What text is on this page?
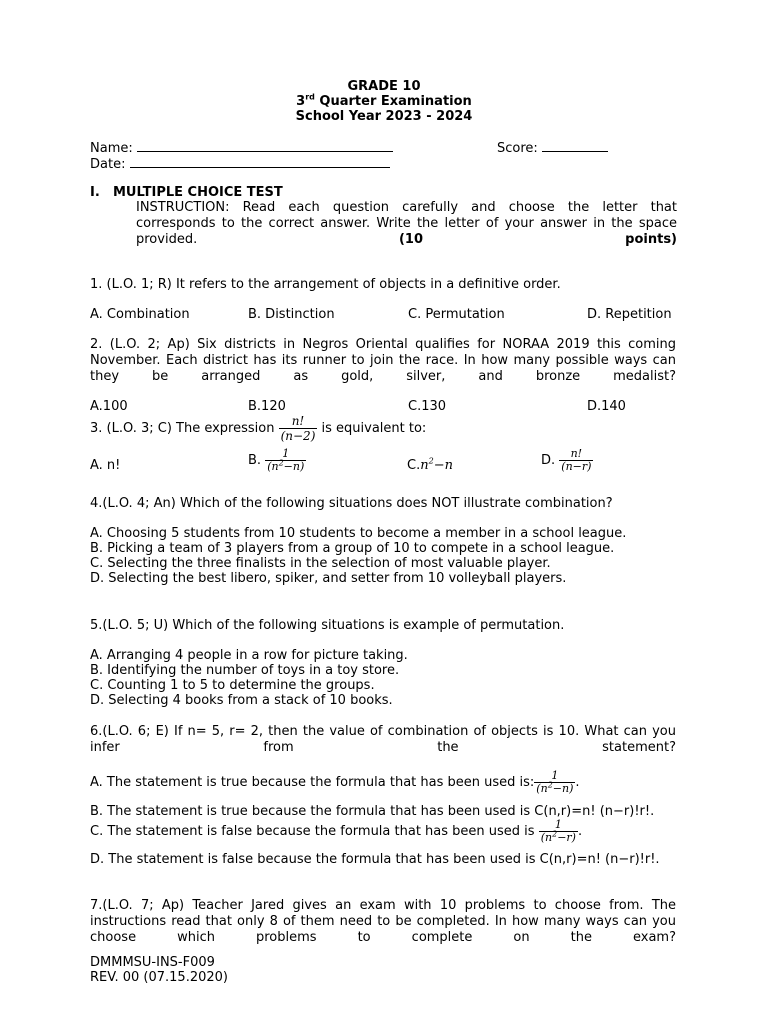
GRADE 10
3rd Quarter Examination
School Year 2023 - 2024
Name:	Score:
Date:
I. MULTIPLE CHOICE TEST
INSTRUCTION: Read each question carefully and choose the letter that corresponds to the correct answer. Write the letter of your answer in the space provided. (10 points)
1. (L.O. 1; R) It refers to the arrangement of objects in a definitive order.
A. Combination	B. Distinction	C. Permutation	D. Repetition
2. (L.O. 2; Ap) Six districts in Negros Oriental qualifies for NORAA 2019 this coming November. Each district has its runner to join the race. In how many possible ways can they be arranged as gold, silver, and bronze medalist?
A.100	B.120	C.130	D.140
3. (L.O. 3; C) The expression $\frac{n!}{(n-2)}$ is equivalent to:
A. n!	B. $\frac{1}{(n^2-n)}$	$C.n^2-n$	D. $\frac{n!}{(n-r)}$
4.(L.O. 4; An) Which of the following situations does NOT illustrate combination?
A. Choosing 5 students from 10 students to become a member in a school league.
B. Picking a team of 3 players from a group of 10 to compete in a school league.
C. Selecting the three finalists in the selection of most valuable player.
D. Selecting the best libero, spiker, and setter from 10 volleyball players.
5.(L.O. 5; U) Which of the following situations is example of permutation.
A. Arranging 4 people in a row for picture taking.
B. Identifying the number of toys in a toy store.
C. Counting 1 to 5 to determine the groups.
D. Selecting 4 books from a stack of 10 books.
6.(L.O. 6; E) If n= 5, r= 2, then the value of combination of objects is 10. What can you infer from the statement?
A. The statement is true because the formula that has been used is: $\frac{1}{(n^2-n)}$ .
B. The statement is true because the formula that has been used is C(n,r)=n! (n−r)!r!.
C. The statement is false because the formula that has been used is $\frac{1}{(n^2-r)}$ .
D. The statement is false because the formula that has been used is C(n,r)=n! (n−r)!r!.
7.(L.O. 7; Ap) Teacher Jared gives an exam with 10 problems to choose from. The instructions read that only 8 of them need to be completed. In how many ways can you choose which problems to complete on the exam?
DMMMSU-INS-F009
REV. 00 (07.15.2020)
